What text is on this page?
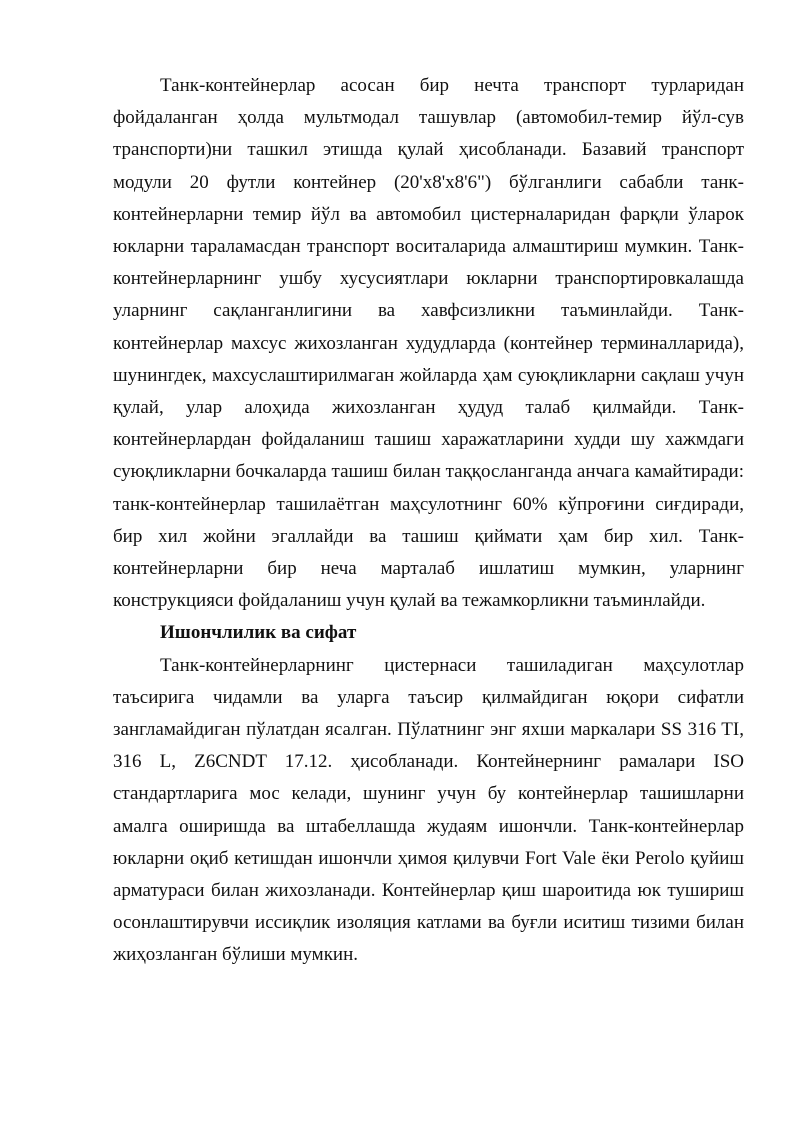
Танк-контейнерлар асосан бир нечта транспорт турларидан фойдаланган ҳолда мультмодал ташувлар (автомобил-темир йўл-сув транспорти)ни ташкил этишда қулай ҳисобланади. Базавий транспорт модули 20 футли контейнер (20'x8'x8'6") бўлганлиги сабабли танк-контейнерларни темир йўл ва автомобил цистерналаридан фарқли ўларок юкларни тараламасдан транспорт воситаларида алмаштириш мумкин. Танк-контейнерларнинг ушбу хусусиятлари юкларни транспортировкалашда уларнинг сақланганлигини ва хавфсизликни таъминлайди. Танк-контейнерлар махсус жихозланган худудларда (контейнер терминалларида), шунингдек, махсуслаштирилмаган жойларда ҳам суюқликларни сақлаш учун қулай, улар алоҳида жихозланган ҳудуд талаб қилмайди. Танк-контейнерлардан фойдаланиш ташиш харажатларини худди шу хажмдаги суюқликларни бочкаларда ташиш билан таққосланганда анчага камайтиради: танк-контейнерлар ташилаётган маҳсулотнинг 60% кўпроғини сиғдиради, бир хил жойни эгаллайди ва ташиш қиймати ҳам бир хил. Танк-контейнерларни бир неча марталаб ишлатиш мумкин, уларнинг конструкцияси фойдаланиш учун қулай ва тежамкорликни таъминлайди.

Ишончлилик ва сифат

Танк-контейнерларнинг цистернаси ташиладиган маҳсулотлар таъсирига чидамли ва уларга таъсир қилмайдиган юқори сифатли зангламайдиган пўлатдан ясалган. Пўлатнинг энг яхши маркалари SS 316 TI, 316 L, Z6CNDT 17.12. ҳисобланади. Контейнернинг рамалари ISO стандартларига мос келади, шунинг учун бу контейнерлар ташишларни амалга оширишда ва штабеллашда жудаям ишончли. Танк-контейнерлар юкларни оқиб кетишдан ишончли ҳимоя қилувчи Fort Vale ёки Perolo қуйиш арматураси билан жихозланади. Контейнерлар қиш шароитида юк тушириш осонлаштирувчи иссиқлик изоляция катлами ва буғли иситиш тизими билан жиҳозланган бўлиши мумкин.
